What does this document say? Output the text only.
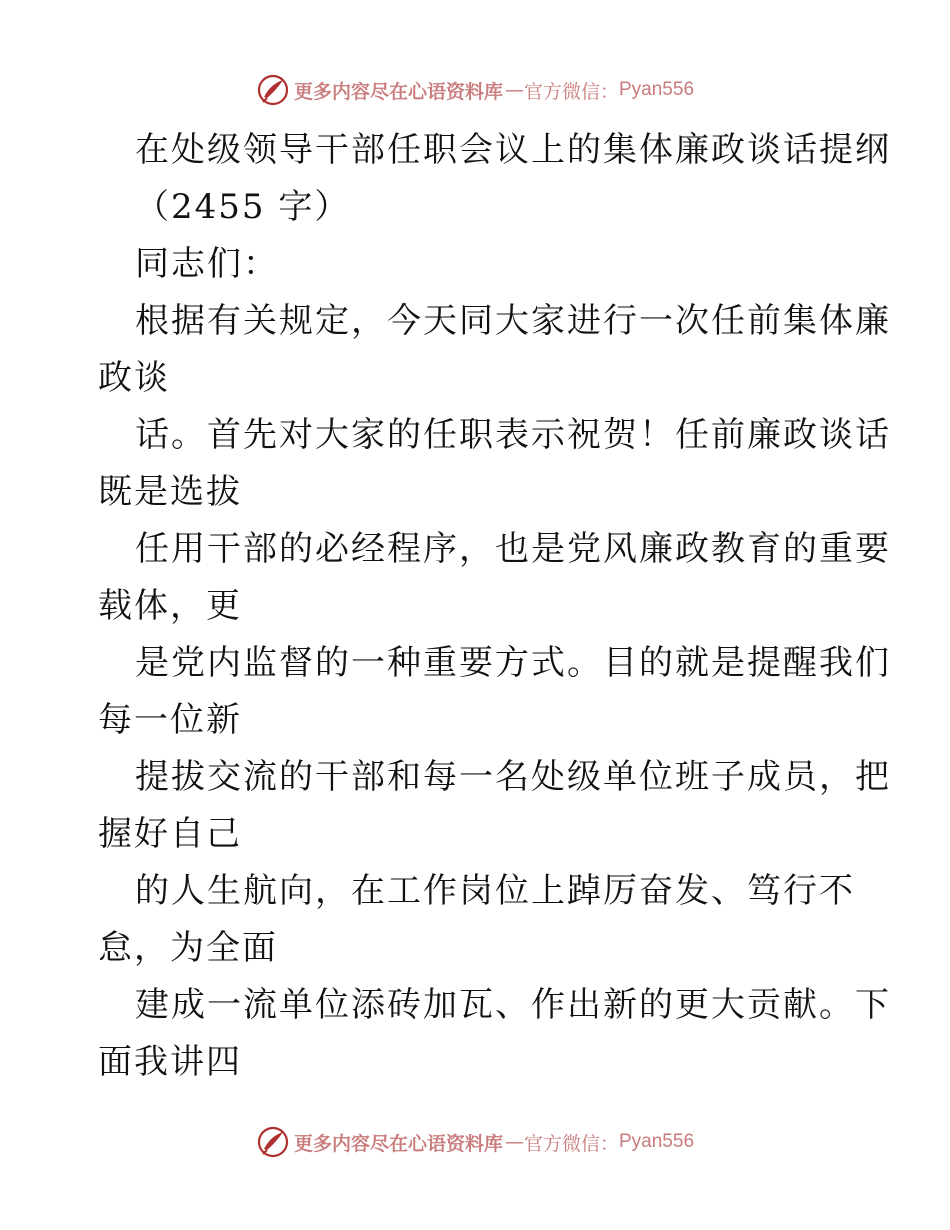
更多内容尽在心语资料库 — 官方微信： Pyan556
在处级领导干部任职会议上的集体廉政谈话提纲
（2455 字）
同志们：
根据有关规定，今天同大家进行一次任前集体廉
政谈
话。首先对大家的任职表示祝贺！任前廉政谈话
既是选拔
任用干部的必经程序，也是党风廉政教育的重要
载体，更
是党内监督的一种重要方式。目的就是提醒我们
每一位新
提拔交流的干部和每一名处级单位班子成员，把
握好自己
的人生航向，在工作岗位上踔厉奋发、笃行不
怠，为全面
建成一流单位添砖加瓦、作出新的更大贡献。下
面我讲四
更多内容尽在心语资料库 — 官方微信： Pyan556
